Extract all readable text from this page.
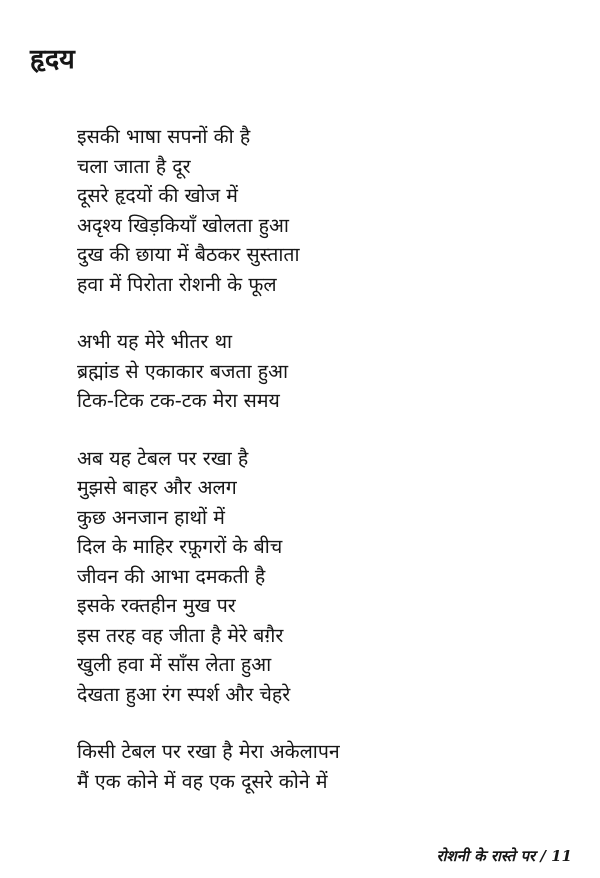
हृदय
इसकी भाषा सपनों की है
चला जाता है दूर
दूसरे हृदयों की खोज में
अदृश्य खिड़कियाँ खोलता हुआ
दुख की छाया में बैठकर सुस्ताता
हवा में पिरोता रोशनी के फूल
अभी यह मेरे भीतर था
ब्रह्मांड से एकाकार बजता हुआ
टिक-टिक टक-टक मेरा समय
अब यह टेबल पर रखा है
मुझसे बाहर और अलग
कुछ अनजान हाथों में
दिल के माहिर रफ़ूगरों के बीच
जीवन की आभा दमकती है
इसके रक्तहीन मुख पर
इस तरह वह जीता है मेरे बग़ैर
खुली हवा में साँस लेता हुआ
देखता हुआ रंग स्पर्श और चेहरे
किसी टेबल पर रखा है मेरा अकेलापन
मैं एक कोने में वह एक दूसरे कोने में
रोशनी के रास्ते पर / 11
